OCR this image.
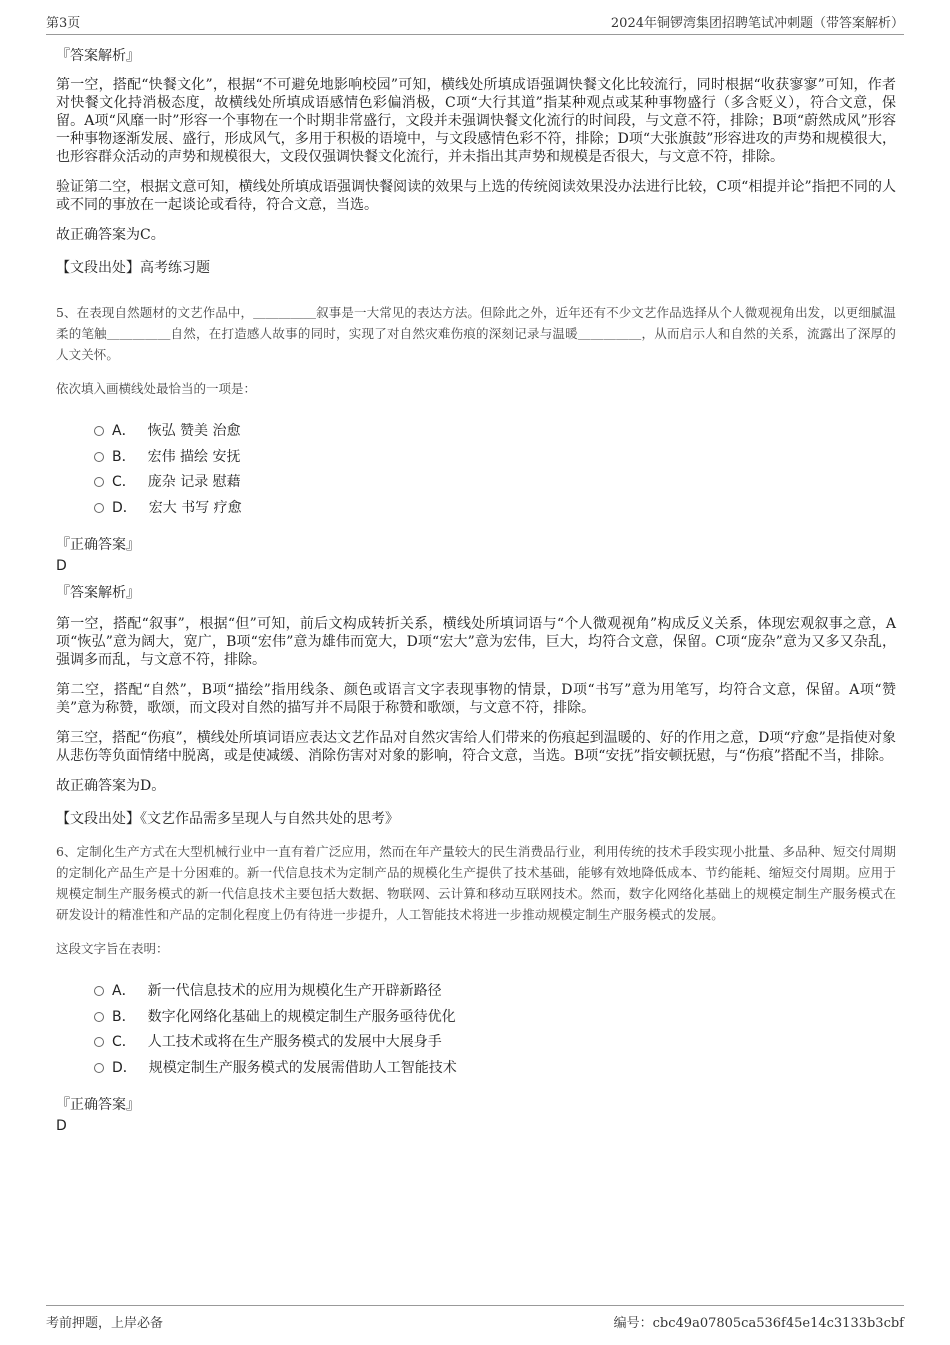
第3页	2024年铜锣湾集团招聘笔试冲刺题（带答案解析）
『答案解析』

第一空，搭配“快餐文化”，根据“不可避免地影响校园”可知，横线处所填成语强调快餐文化比较流行，同时根据“收获寥寥”可知，作者对快餐文化持消极态度，故横线处所填成语感情色彩偏消极，C项“大行其道”指某种观点或某种事物盛行（多含贬义），符合文意，保留。A项“风靡一时”形容一个事物在一个时期非常盛行，文段并未强调快餐文化流行的时间段，与文意不符，排除；B项“蔚然成风”形容一种事物逐渐发展、盛行，形成风气，多用于积极的语境中，与文段感情色彩不符，排除；D项“大张旗鼓”形容进攻的声势和规模很大，也形容群众活动的声势和规模很大，文段仅强调快餐文化流行，并未指出其声势和规模是否很大，与文意不符，排除。

验证第二空，根据文意可知，横线处所填成语强调快餐阅读的效果与上选的传统阅读效果没办法进行比较，C项“相提并论”指把不同的人或不同的事放在一起谈论或看待，符合文意，当选。

故正确答案为C。

【文段出处】高考练习题

5、在表现自然题材的文艺作品中，＿＿＿＿＿叙事是一大常见的表达方法。但除此之外，近年还有不少文艺作品选择从个人微观视角出发，以更细腻温柔的笔触＿＿＿＿＿自然，在打造感人故事的同时，实现了对自然灾难伤痕的深刻记录与温暖＿＿＿＿＿，从而启示人和自然的关系，流露出了深厚的人文关怀。

依次填入画横线处最恰当的一项是：

A． 恢弘 赞美 治愈
B． 宏伟 描绘 安抚
C． 庞杂 记录 慰藉
D． 宏大 书写 疗愈
『正确答案』
D
『答案解析』

第一空，搭配“叙事”，根据“但”可知，前后文构成转折关系，横线处所填词语与“个人微观视角”构成反义关系，体现宏观叙事之意，A项“恢弘”意为阔大，宽广，B项“宏伟”意为雄伟而宽大，D项“宏大”意为宏伟，巨大，均符合文意，保留。C项“庞杂”意为又多又杂乱，强调多而乱，与文意不符，排除。

第二空，搭配“自然”，B项“描绘”指用线条、颜色或语言文字表现事物的情景，D项“书写”意为用笔写，均符合文意，保留。A项“赞美”意为称赞，歌颂，而文段对自然的描写并不局限于称赞和歌颂，与文意不符，排除。

第三空，搭配“伤痕”，横线处所填词语应表达文艺作品对自然灾害给人们带来的伤痕起到温暖的、好的作用之意，D项“疗愈”是指使对象从悲伤等负面情绪中脱离，或是使减缓、消除伤害对对象的影响，符合文意，当选。B项“安抚”指安顿抚慰，与“伤痕”搭配不当，排除。

故正确答案为D。

【文段出处】《文艺作品需多呈现人与自然共处的思考》

6、定制化生产方式在大型机械行业中一直有着广泛应用，然而在年产量较大的民生消费品行业，利用传统的技术手段实现小批量、多品种、短交付周期的定制化产品生产是十分困难的。新一代信息技术为定制产品的规模化生产提供了技术基础，能够有效地降低成本、节约能耗、缩短交付周期。应用于规模定制生产服务模式的新一代信息技术主要包括大数据、物联网、云计算和移动互联网技术。然而，数字化网络化基础上的规模定制生产服务模式在研发设计的精准性和产品的定制化程度上仍有待进一步提升，人工智能技术将进一步推动规模定制生产服务模式的发展。

这段文字旨在表明：

A． 新一代信息技术的应用为规模化生产开辟新路径
B． 数字化网络化基础上的规模定制生产服务亟待优化
C． 人工技术或将在生产服务模式的发展中大展身手
D． 规模定制生产服务模式的发展需借助人工智能技术
『正确答案』
D
考前押题，上岸必备	编号：cbc49a07805ca536f45e14c3133b3cbf
